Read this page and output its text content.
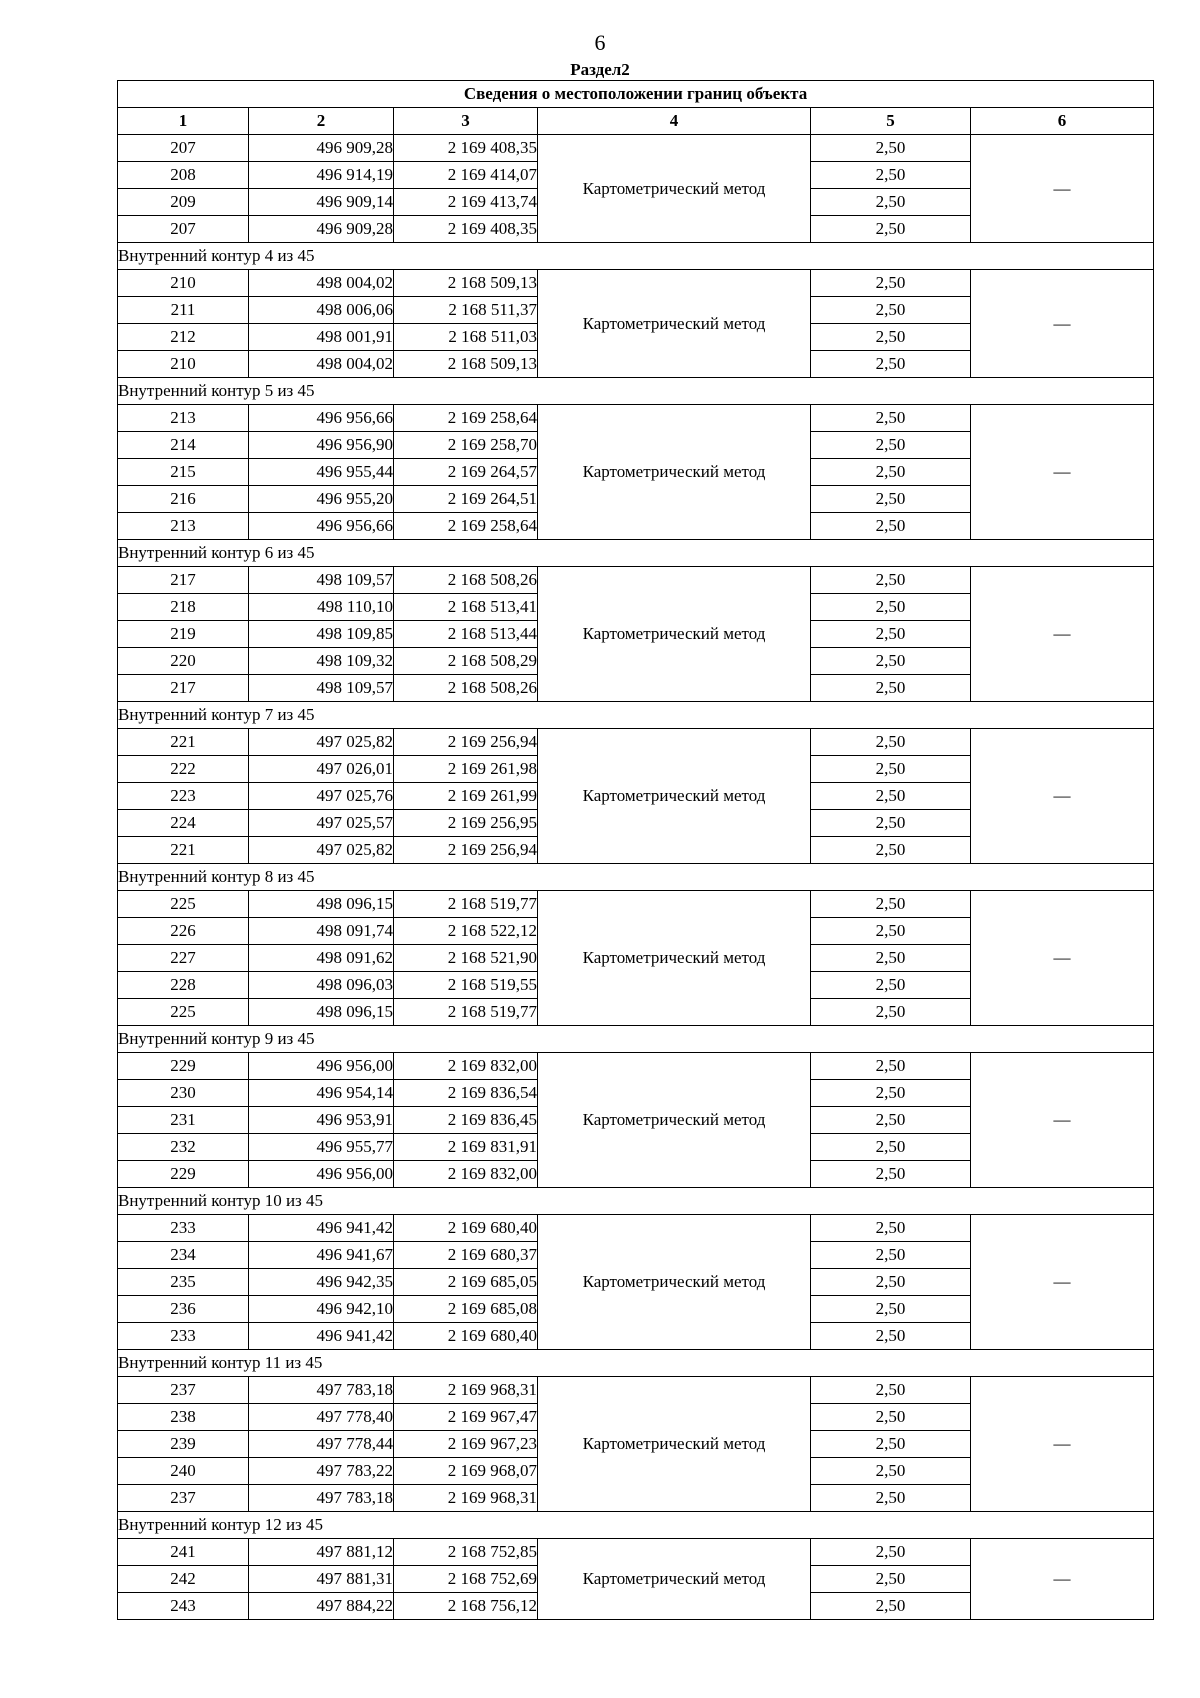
6
Раздел2
Сведения о местоположении границ объекта					
1	2	3	4	5	6
207	496 909,28	2 169 408,35	Картометрический метод	2,50	—
208	496 914,19	2 169 414,07		2,50	
209	496 909,14	2 169 413,74		2,50	
207	496 909,28	2 169 408,35		2,50	
Внутренний контур 4 из 45					
210	498 004,02	2 168 509,13	Картометрический метод	2,50	—
211	498 006,06	2 168 511,37		2,50	
212	498 001,91	2 168 511,03		2,50	
210	498 004,02	2 168 509,13		2,50	
Внутренний контур 5 из 45					
213	496 956,66	2 169 258,64	Картометрический метод	2,50	—
214	496 956,90	2 169 258,70		2,50	
215	496 955,44	2 169 264,57		2,50	
216	496 955,20	2 169 264,51		2,50	
213	496 956,66	2 169 258,64		2,50	
Внутренний контур 6 из 45					
217	498 109,57	2 168 508,26	Картометрический метод	2,50	—
218	498 110,10	2 168 513,41		2,50	
219	498 109,85	2 168 513,44		2,50	
220	498 109,32	2 168 508,29		2,50	
217	498 109,57	2 168 508,26		2,50	
Внутренний контур 7 из 45					
221	497 025,82	2 169 256,94	Картометрический метод	2,50	—
222	497 026,01	2 169 261,98		2,50	
223	497 025,76	2 169 261,99		2,50	
224	497 025,57	2 169 256,95		2,50	
221	497 025,82	2 169 256,94		2,50	
Внутренний контур 8 из 45					
225	498 096,15	2 168 519,77	Картометрический метод	2,50	—
226	498 091,74	2 168 522,12		2,50	
227	498 091,62	2 168 521,90		2,50	
228	498 096,03	2 168 519,55		2,50	
225	498 096,15	2 168 519,77		2,50	
Внутренний контур 9 из 45					
229	496 956,00	2 169 832,00	Картометрический метод	2,50	—
230	496 954,14	2 169 836,54		2,50	
231	496 953,91	2 169 836,45		2,50	
232	496 955,77	2 169 831,91		2,50	
229	496 956,00	2 169 832,00		2,50	
Внутренний контур 10 из 45					
233	496 941,42	2 169 680,40	Картометрический метод	2,50	—
234	496 941,67	2 169 680,37		2,50	
235	496 942,35	2 169 685,05		2,50	
236	496 942,10	2 169 685,08		2,50	
233	496 941,42	2 169 680,40		2,50	
Внутренний контур 11 из 45					
237	497 783,18	2 169 968,31	Картометрический метод	2,50	—
238	497 778,40	2 169 967,47		2,50	
239	497 778,44	2 169 967,23		2,50	
240	497 783,22	2 169 968,07		2,50	
237	497 783,18	2 169 968,31		2,50	
Внутренний контур 12 из 45					
241	497 881,12	2 168 752,85	Картометрический метод	2,50	—
242	497 881,31	2 168 752,69		2,50	
243	497 884,22	2 168 756,12		2,50	
